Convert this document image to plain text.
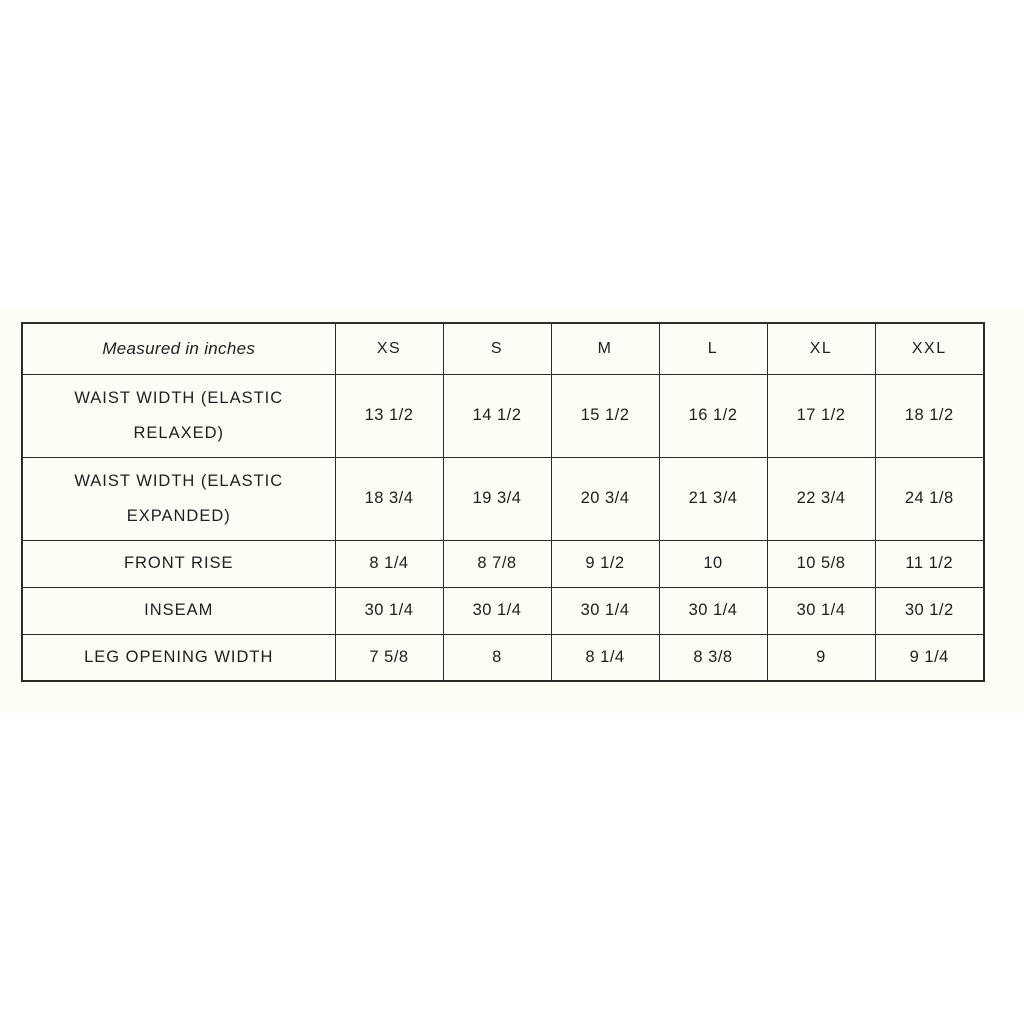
Measured in inches	XS	S	M	L	XL	XXL
WAIST WIDTH (ELASTIC RELAXED)	13 1/2	14 1/2	15 1/2	16 1/2	17 1/2	18 1/2
WAIST WIDTH (ELASTIC EXPANDED)	18 3/4	19 3/4	20 3/4	21 3/4	22 3/4	24 1/8
FRONT RISE	8 1/4	8 7/8	9 1/2	10	10 5/8	11 1/2
INSEAM	30 1/4	30 1/4	30 1/4	30 1/4	30 1/4	30 1/2
LEG OPENING WIDTH	7 5/8	8	8 1/4	8 3/8	9	9 1/4
